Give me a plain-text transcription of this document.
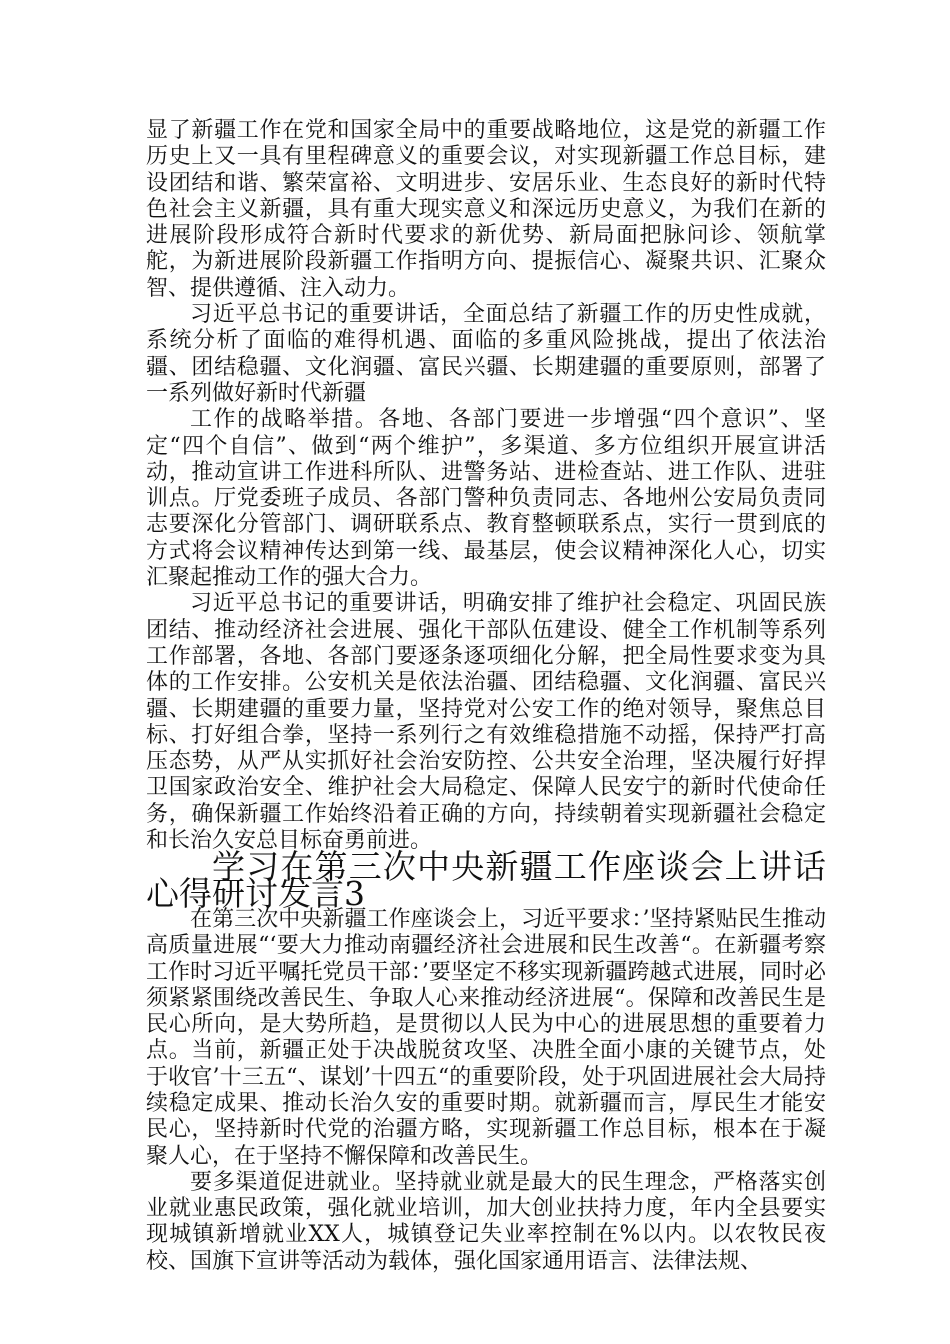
显了新疆工作在党和国家全局中的重要战略地位，这是党的新疆工作历史上又一具有里程碑意义的重要会议，对实现新疆工作总目标，建设团结和谐、繁荣富裕、文明进步、安居乐业、生态良好的新时代特色社会主义新疆，具有重大现实意义和深远历史意义，为我们在新的进展阶段形成符合新时代要求的新优势、新局面把脉问诊、领航掌舵，为新进展阶段新疆工作指明方向、提振信心、凝聚共识、汇聚众智、提供遵循、注入动力。

习近平总书记的重要讲话，全面总结了新疆工作的历史性成就，系统分析了面临的难得机遇、面临的多重风险挑战，提出了依法治疆、团结稳疆、文化润疆、富民兴疆、长期建疆的重要原则，部署了一系列做好新时代新疆

工作的战略举措。各地、各部门要进一步增强“四个意识”、坚定“四个自信”、做到“两个维护”，多渠道、多方位组织开展宣讲活动，推动宣讲工作进科所队、进警务站、进检查站、进工作队、进驻训点。厅党委班子成员、各部门警种负责同志、各地州公安局负责同志要深化分管部门、调研联系点、教育整顿联系点，实行一贯到底的方式将会议精神传达到第一线、最基层，使会议精神深化人心，切实汇聚起推动工作的强大合力。

习近平总书记的重要讲话，明确安排了维护社会稳定、巩固民族团结、推动经济社会进展、强化干部队伍建设、健全工作机制等系列工作部署，各地、各部门要逐条逐项细化分解，把全局性要求变为具体的工作安排。公安机关是依法治疆、团结稳疆、文化润疆、富民兴疆、长期建疆的重要力量，坚持党对公安工作的绝对领导，聚焦总目标、打好组合拳，坚持一系列行之有效维稳措施不动摇，保持严打高压态势，从严从实抓好社会治安防控、公共安全治理，坚决履行好捍卫国家政治安全、维护社会大局稳定、保障人民安宁的新时代使命任务，确保新疆工作始终沿着正确的方向，持续朝着实现新疆社会稳定和长治久安总目标奋勇前进。

学习在第三次中央新疆工作座谈会上讲话心得研讨发言3

在第三次中央新疆工作座谈会上，习近平要求：’坚持紧贴民生推动高质量进展“‘要大力推动南疆经济社会进展和民生改善“。在新疆考察工作时习近平嘱托党员干部：’要坚定不移实现新疆跨越式进展，同时必须紧紧围绕改善民生、争取人心来推动经济进展“。保障和改善民生是民心所向，是大势所趋，是贯彻以人民为中心的进展思想的重要着力点。当前，新疆正处于决战脱贫攻坚、决胜全面小康的关键节点，处于收官’十三五“、谋划’十四五“的重要阶段，处于巩固进展社会大局持续稳定成果、推动长治久安的重要时期。就新疆而言，厚民生才能安民心，坚持新时代党的治疆方略，实现新疆工作总目标，根本在于凝聚人心，在于坚持不懈保障和改善民生。

要多渠道促进就业。坚持就业就是最大的民生理念，严格落实创业就业惠民政策，强化就业培训，加大创业扶持力度，年内全县要实现城镇新增就业XX人，城镇登记失业率控制在%以内。以农牧民夜校、国旗下宣讲等活动为载体，强化国家通用语言、法律法规、
